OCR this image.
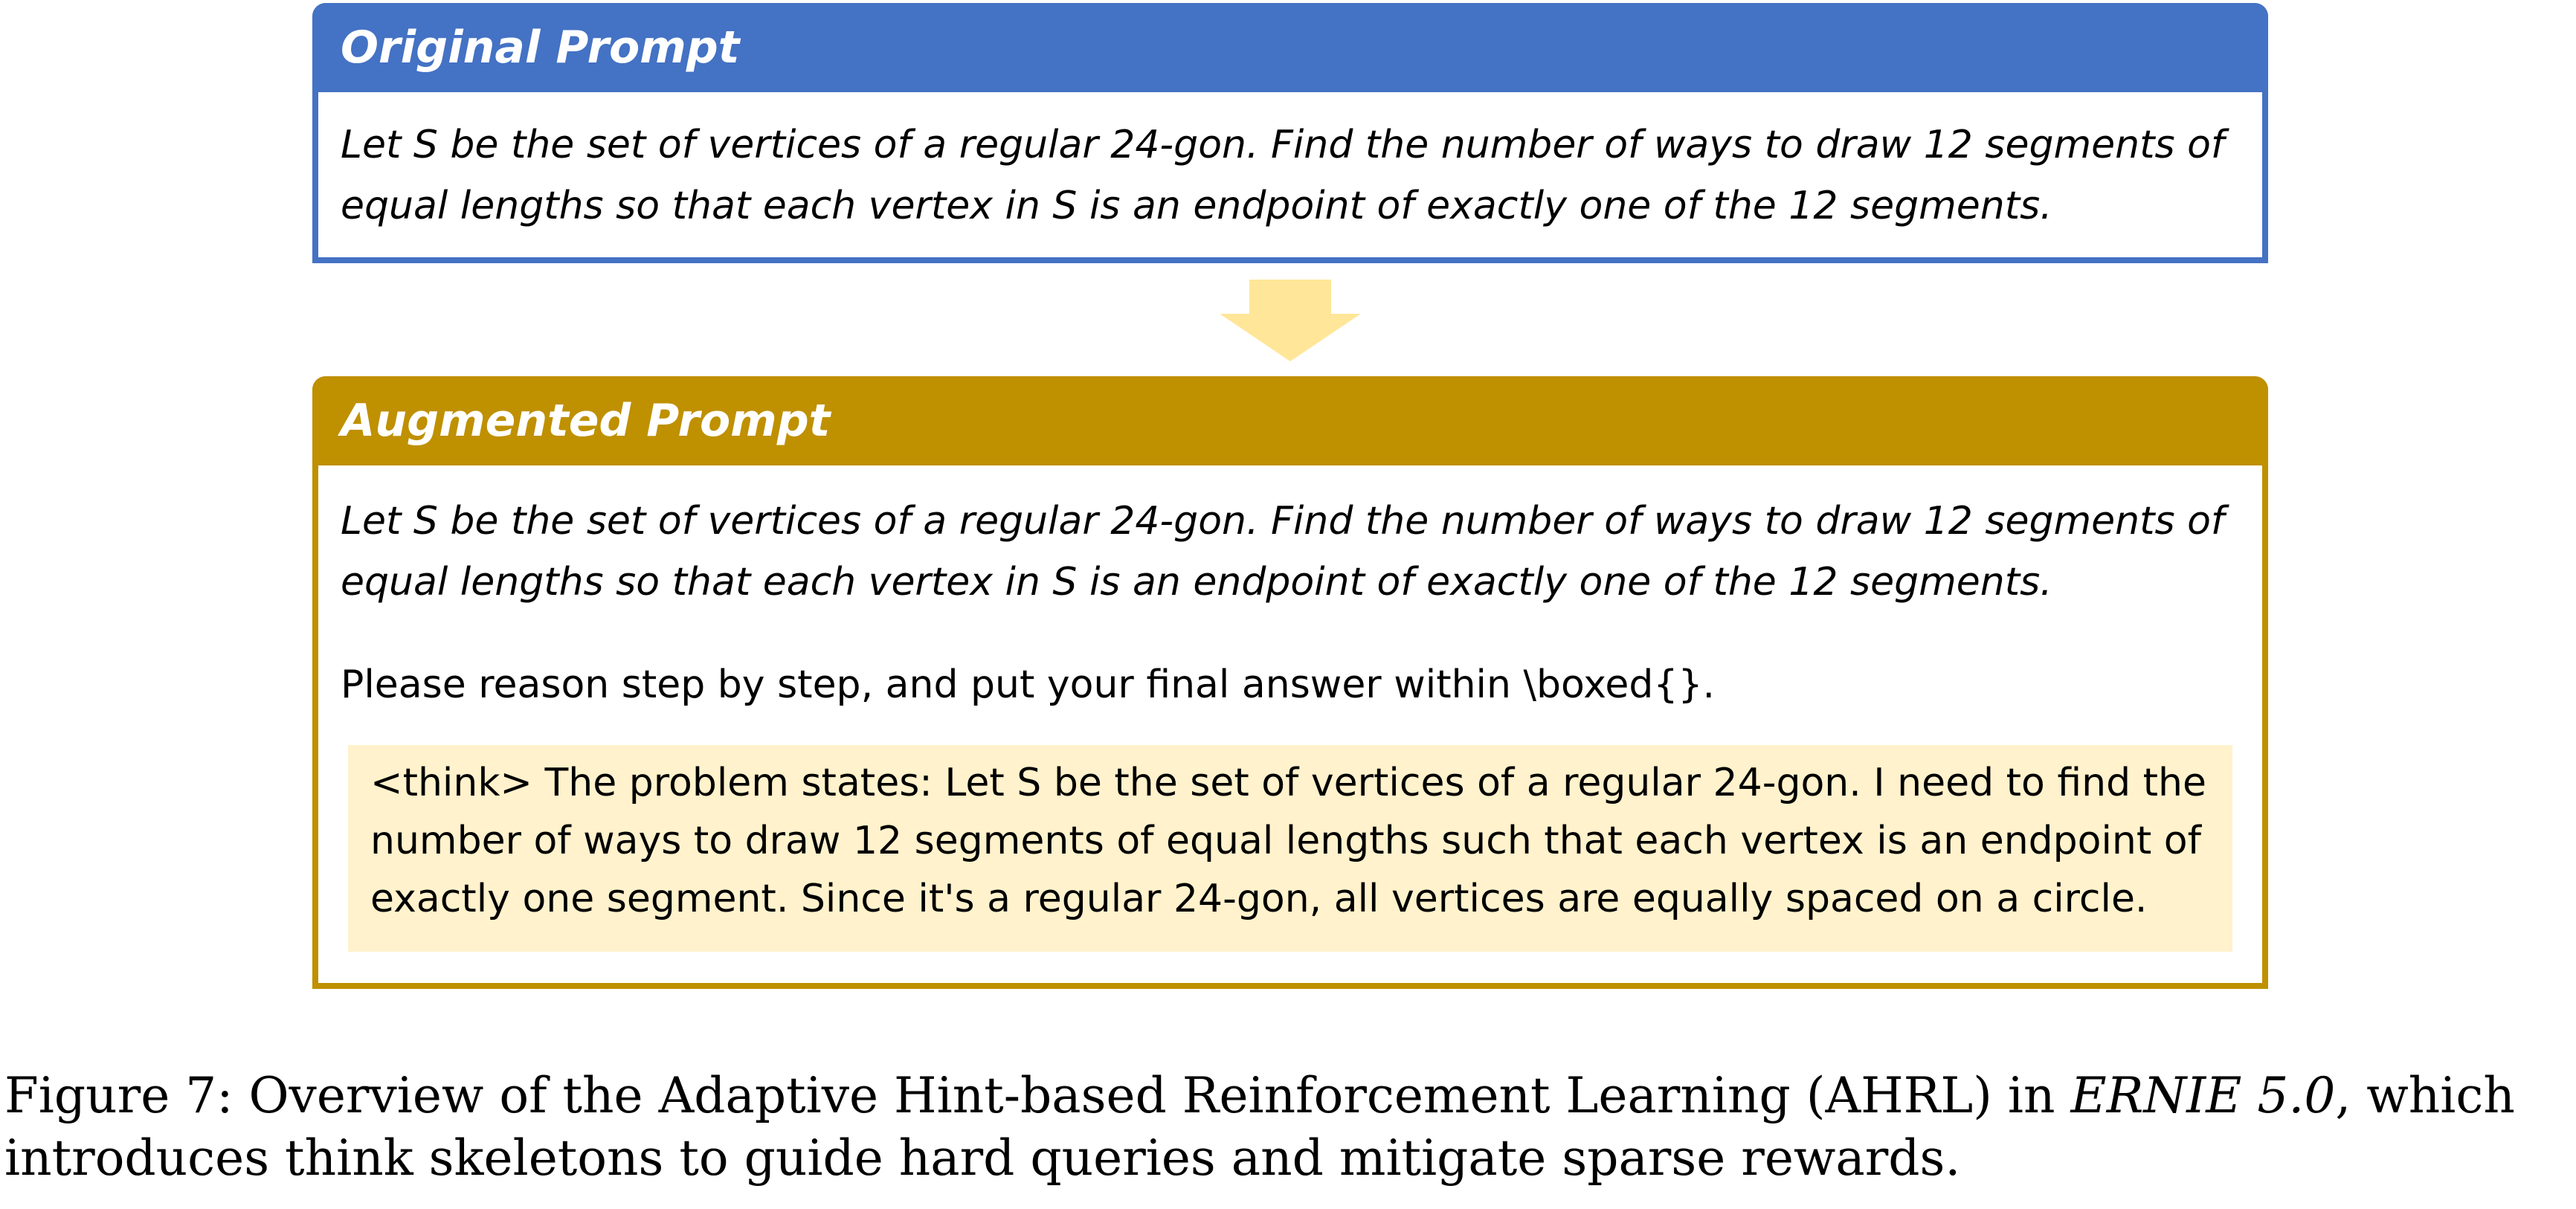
Original Prompt

Let S be the set of vertices of a regular 24-gon. Find the number of ways to draw 12 segments of equal lengths so that each vertex in S is an endpoint of exactly one of the 12 segments.

Augmented Prompt

Let S be the set of vertices of a regular 24-gon. Find the number of ways to draw 12 segments of equal lengths so that each vertex in S is an endpoint of exactly one of the 12 segments.

Please reason step by step, and put your final answer within \boxed{}.

<think> The problem states: Let S be the set of vertices of a regular 24-gon. I need to find the number of ways to draw 12 segments of equal lengths such that each vertex is an endpoint of exactly one segment. Since it's a regular 24-gon, all vertices are equally spaced on a circle.

Figure 7: Overview of the Adaptive Hint-based Reinforcement Learning (AHRL) in ERNIE 5.0, which introduces think skeletons to guide hard queries and mitigate sparse rewards.
